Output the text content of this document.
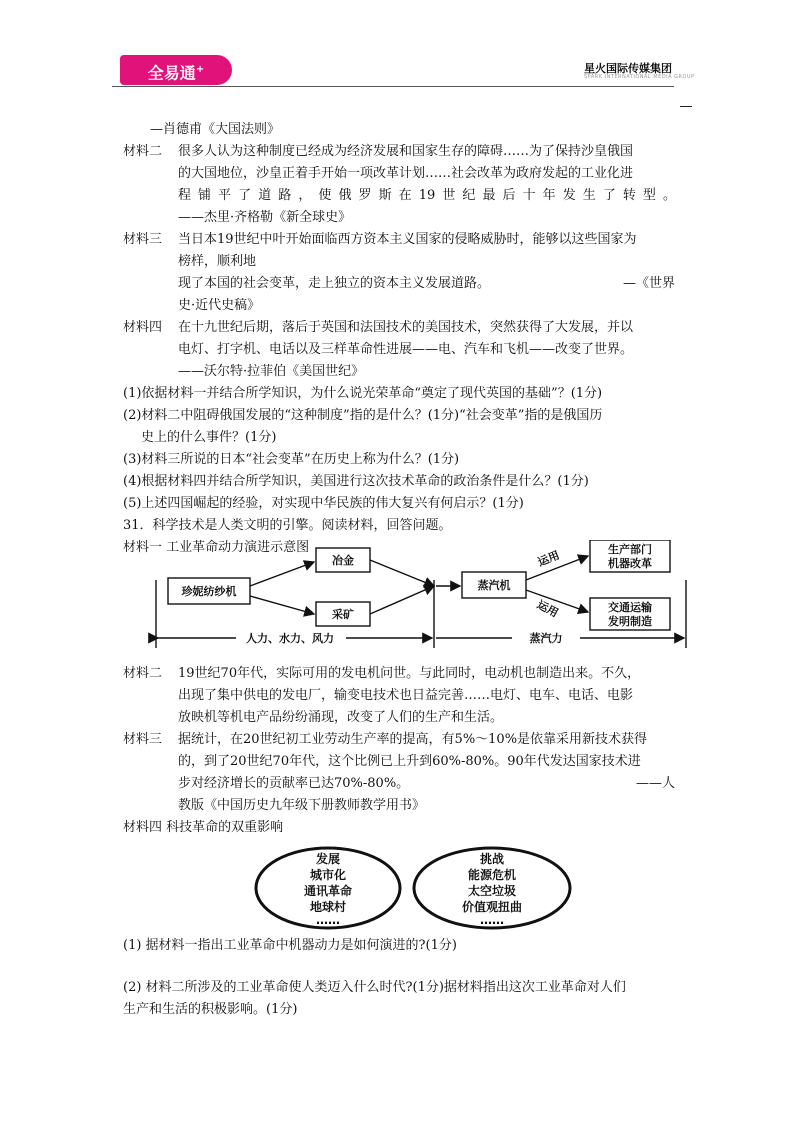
全易通+	星火国际传媒集团
SPARK INTERNATIONAL MEDIA GROUP
—肖德甫《大国法则》
材料二 很多人认为这种制度已经成为经济发展和国家生存的障碍……为了保持沙皇俄国
的大国地位，沙皇正着手开始一项改革计划……社会改革为政府发起的工业化进
程铺平了道路，使俄罗斯在19世纪最后十年发生了转型。
——杰里·齐格勒《新全球史》
材料三 当日本19世纪中叶开始面临西方资本主义国家的侵略威胁时，能够以这些国家为
榜样，顺利地
现了本国的社会变革，走上独立的资本主义发展道路。	—《世界
史·近代史稿》
材料四 在十九世纪后期，落后于英国和法国技术的美国技术，突然获得了大发展，并以
电灯、打字机、电话以及三样革命性进展——电、汽车和飞机——改变了世界。
——沃尔特·拉菲伯《美国世纪》
(1)依据材料一并结合所学知识，为什么说光荣革命“奠定了现代英国的基础”？(1分)
(2)材料二中阻碍俄国发展的“这种制度”指的是什么？(1分)“社会变革”指的是俄国历
史上的什么事件？(1分)
(3)材料三所说的日本“社会变革”在历史上称为什么？(1分)
(4)根据材料四并结合所学知识，美国进行这次技术革命的政治条件是什么？(1分)
(5)上述四国崛起的经验，对实现中华民族的伟大复兴有何启示？(1分)
31．科学技术是人类文明的引擎。阅读材料，回答问题。
材料一 工业革命动力演进示意图
珍妮纺纱机
冶金
采矿
蒸汽机
生产部门
机器改革
交通运输
发明制造
运用
运用
人力、水力、风力	蒸汽力
材料二 19世纪70年代，实际可用的发电机问世。与此同时，电动机也制造出来。不久，
出现了集中供电的发电厂，输变电技术也日益完善……电灯、电车、电话、电影
放映机等机电产品纷纷涌现，改变了人们的生产和生活。
材料三 据统计，在20世纪初工业劳动生产率的提高，有5%～10%是依靠采用新技术获得
的，到了20世纪70年代，这个比例已上升到60%-80%。90年代发达国家技术进
步对经济增长的贡献率已达70%-80%。	——人
教版《中国历史九年级下册教师教学用书》
材料四 科技革命的双重影响
发展
城市化
通讯革命
地球村
……
挑战
能源危机
太空垃圾
价值观扭曲
……
(1) 据材料一指出工业革命中机器动力是如何演进的?(1分)
(2) 材料二所涉及的工业革命使人类迈入什么时代?(1分)据材料指出这次工业革命对人们
生产和生活的积极影响。(1分)
